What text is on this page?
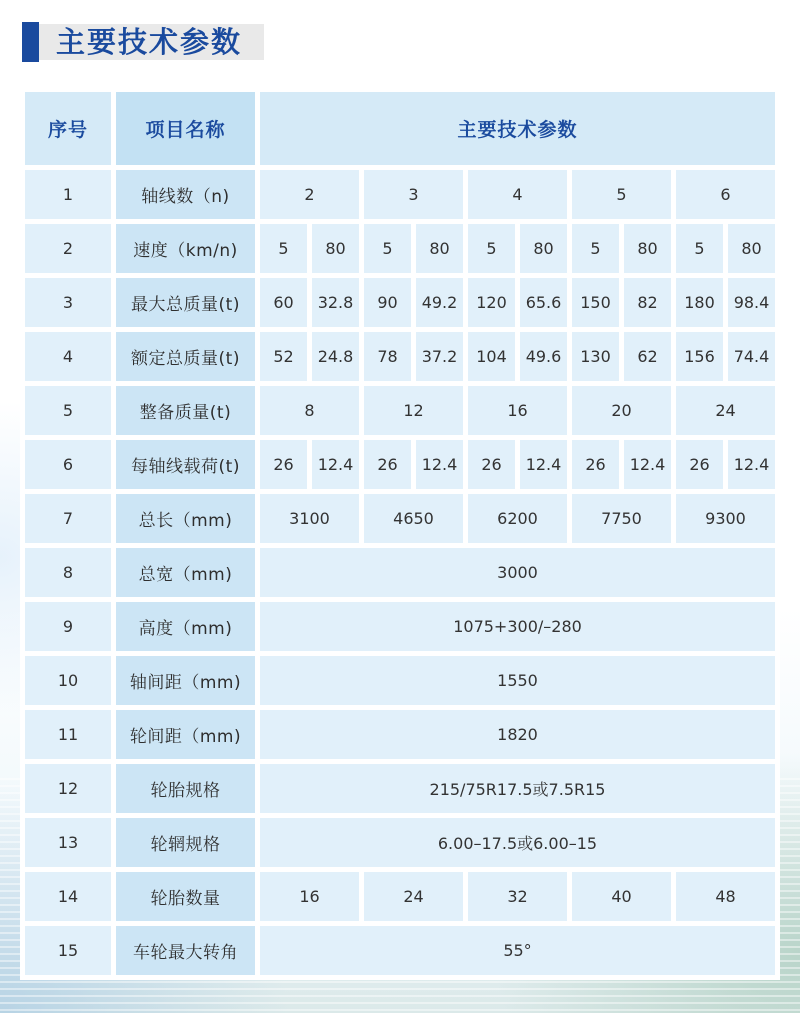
主要技术参数
序号	项目名称	主要技术参数
1	轴线数（n)	2	3	4	5	6
2	速度（km/n)	5	80	5	80	5	80	5	80	5	80
3	最大总质量(t)	60	32.8	90	49.2	120	65.6	150	82	180	98.4
4	额定总质量(t)	52	24.8	78	37.2	104	49.6	130	62	156	74.4
5	整备质量(t)	8	12	16	20	24
6	每轴线载荷(t)	26	12.4	26	12.4	26	12.4	26	12.4	26	12.4
7	总长（mm)	3100	4650	6200	7750	9300
8	总宽（mm)	3000
9	高度（mm)	1075+300/–280
10	轴间距（mm)	1550
11	轮间距（mm)	1820
12	轮胎规格	215/75R17.5或7.5R15
13	轮辋规格	6.00–17.5或6.00–15
14	轮胎数量	16	24	32	40	48
15	车轮最大转角	55°
